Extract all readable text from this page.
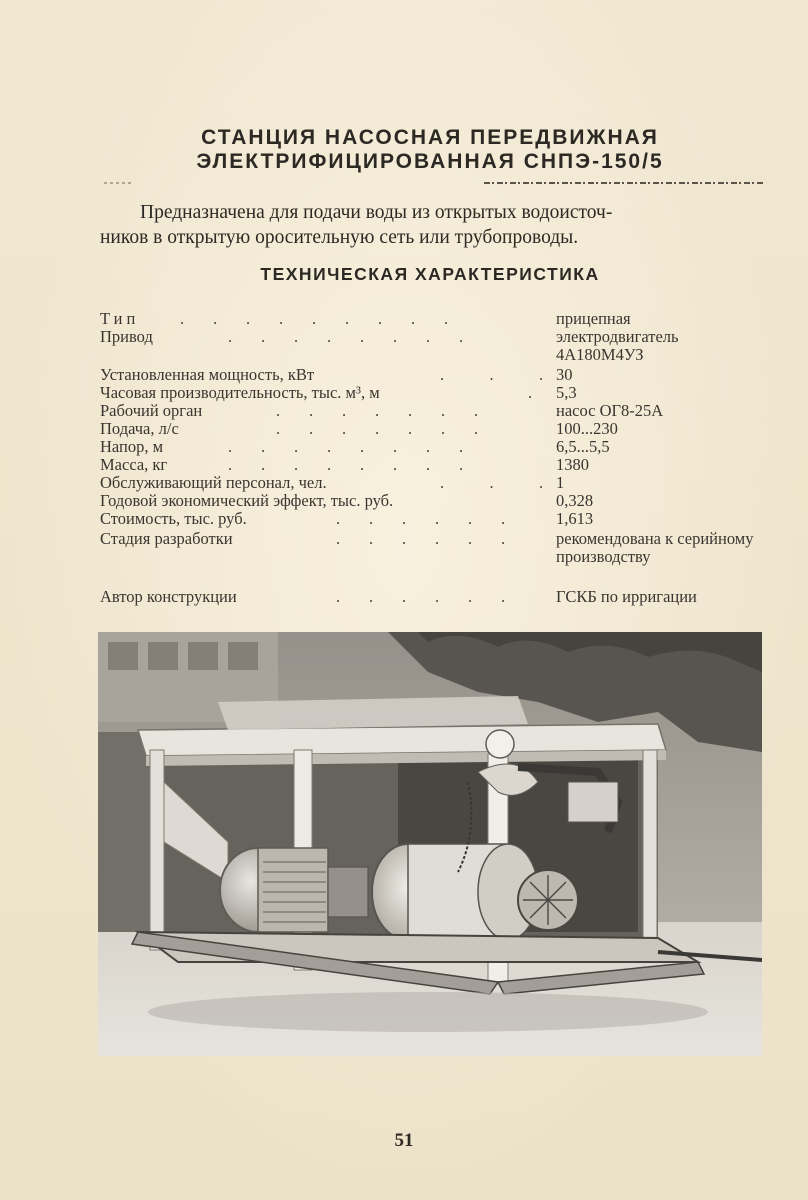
СТАНЦИЯ НАСОСНАЯ ПЕРЕДВИЖНАЯ
ЭЛЕКТРИФИЦИРОВАННАЯ СНПЭ-150/5

Предназначена для подачи воды из открытых водоисточ-

ников в открытую оросительную сеть или трубопроводы.

ТЕХНИЧЕСКАЯ ХАРАКТЕРИСТИКА
Тип .       .       .       .       .       .       .       .       .	прицепная
Привод	.       .       .       .       .       .       .       .	электродвигатель 4А180М4УЗ
Установленная мощность, кВт	.           .           . 30
Часовая производительность, тыс. м³, м	. 5,3
Рабочий орган	.       .       .       .       .       .       .	насос ОГ8-25А
Подача, л/с	.       .       .       .       .       .       .	100...230
Напор, м	.       .       .       .       .       .       .       .	6,5...5,5
Масса, кг	.       .       .       .       .       .       .       .	1380
Обслуживающий персонал, чел.	.           .           . 1
Годовой экономический эффект, тыс. руб.	0,328
Стоимость, тыс. руб.	.       .       .       .       .       .	1,613
Стадия разработки	.       .       .       .       .       .	рекомендована к серийному производству
Автор конструкции	.       .       .       .       .       .	ГСКБ по ирригации

51
